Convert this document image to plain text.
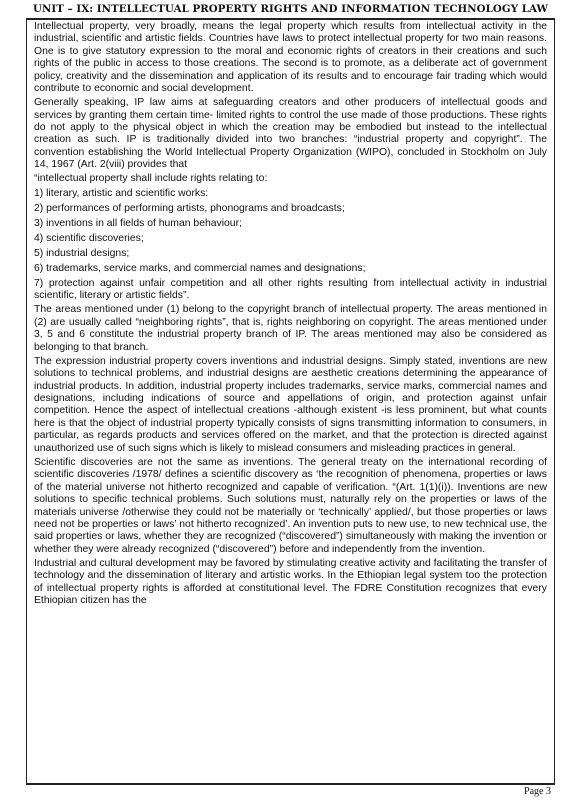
UNIT – IX: INTELLECTUAL PROPERTY RIGHTS AND INFORMATION TECHNOLOGY LAW

Intellectual property, very broadly, means the legal property which results from intellectual activity in the industrial, scientific and artistic fields. Countries have laws to protect intellectual property for two main reasons. One is to give statutory expression to the moral and economic rights of creators in their creations and such rights of the public in access to those creations. The second is to promote, as a deliberate act of government policy, creativity and the dissemination and application of its results and to encourage fair trading which would contribute to economic and social development.

Generally speaking, IP law aims at safeguarding creators and other producers of intellectual goods and services by granting them certain time- limited rights to control the use made of those productions. These rights do not apply to the physical object in which the creation may be embodied but instead to the intellectual creation as such. IP is traditionally divided into two branches: “industrial property and copyright”. The convention establishing the World Intellectual Property Organization (WIPO), concluded in Stockholm on July 14, 1967 (Art. 2(viii) provides that

“intellectual property shall include rights relating to:

1) literary, artistic and scientific works:

2) performances of performing artists, phonograms and broadcasts;

3) inventions in all fields of human behaviour;

4) scientific discoveries;

5) industrial designs;

6) trademarks, service marks, and commercial names and designations;

7) protection against unfair competition and all other rights resulting from intellectual activity in industrial scientific, literary or artistic fields”.

The areas mentioned under (1) belong to the copyright branch of intellectual property. The areas mentioned in (2) are usually called “neighboring rights”, that is, rights neighboring on copyright. The areas mentioned under 3, 5 and 6 constitute the industrial property branch of IP. The areas mentioned may also be considered as belonging to that branch.

The expression industrial property covers inventions and industrial designs. Simply stated, inventions are new solutions to technical problems, and industrial designs are aesthetic creations determining the appearance of industrial products. In addition, industrial property includes trademarks, service marks, commercial names and designations, including indications of source and appellations of origin, and protection against unfair competition. Hence the aspect of intellectual creations -although existent -is less prominent, but what counts here is that the object of industrial property typically consists of signs transmitting information to consumers, in particular, as regards products and services offered on the market, and that the protection is directed against unauthorized use of such signs which is likely to mislead consumers and misleading practices in general.

Scientific discoveries are not the same as inventions. The general treaty on the international recording of scientific discoveries /1978/ defines a scientific discovery as ‘the recognition of phenomena, properties or laws of the material universe not hitherto recognized and capable of verification. “(Art. 1(1)(i)). Inventions are new solutions to specific technical problems. Such solutions must, naturally rely on the properties or laws of the materials universe /otherwise they could not be materially or ‘technically’ applied/, but those properties or laws need not be properties or laws’ not hitherto recognized’. An invention puts to new use, to new technical use, the said properties or laws, whether they are recognized (“discovered”) simultaneously with making the invention or whether they were already recognized (“discovered”) before and independently from the invention.

Industrial and cultural development may be favored by stimulating creative activity and facilitating the transfer of technology and the dissemination of literary and artistic works. In the Ethiopian legal system too the protection of intellectual property rights is afforded at constitutional level. The FDRE Constitution recognizes that every Ethiopian citizen has the

Page 3
